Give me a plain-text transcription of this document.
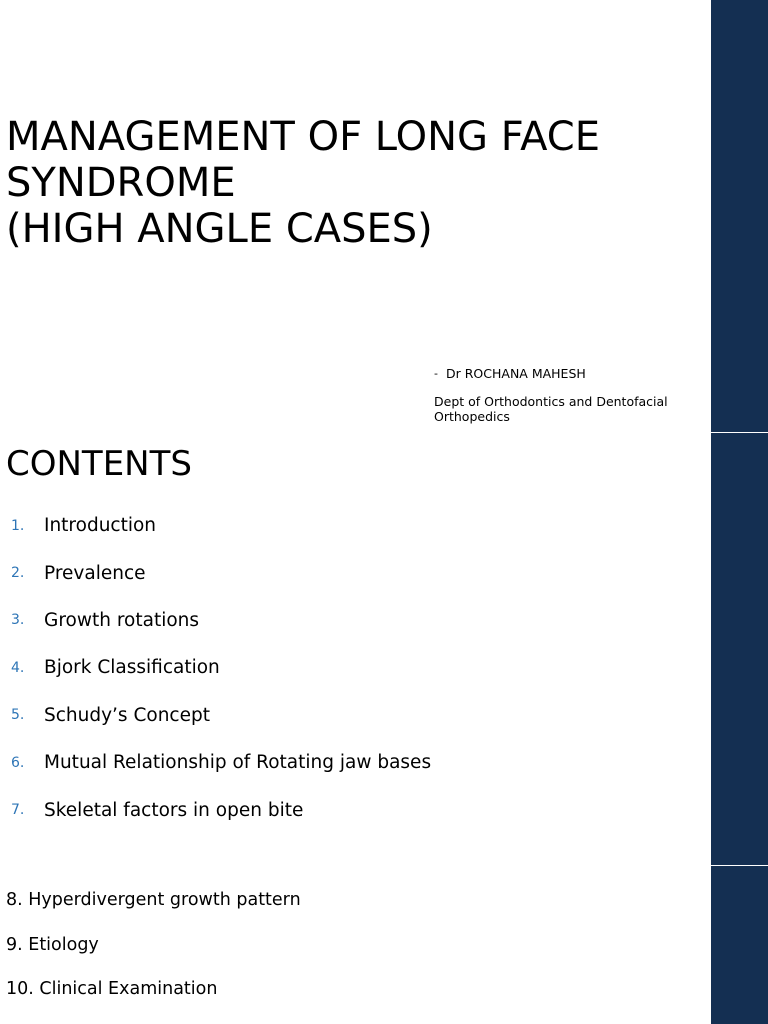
MANAGEMENT OF LONG FACE
SYNDROME
(HIGH ANGLE CASES)
- Dr ROCHANA MAHESH
Dept of Orthodontics and Dentofacial Orthopedics
CONTENTS
1.	Introduction
2.	Prevalence
3.	Growth rotations
4.	Bjork Classification
5.	Schudy’s Concept
6.	Mutual Relationship of Rotating jaw bases
7.	Skeletal factors in open bite
8. Hyperdivergent growth pattern
9. Etiology
10. Clinical Examination
